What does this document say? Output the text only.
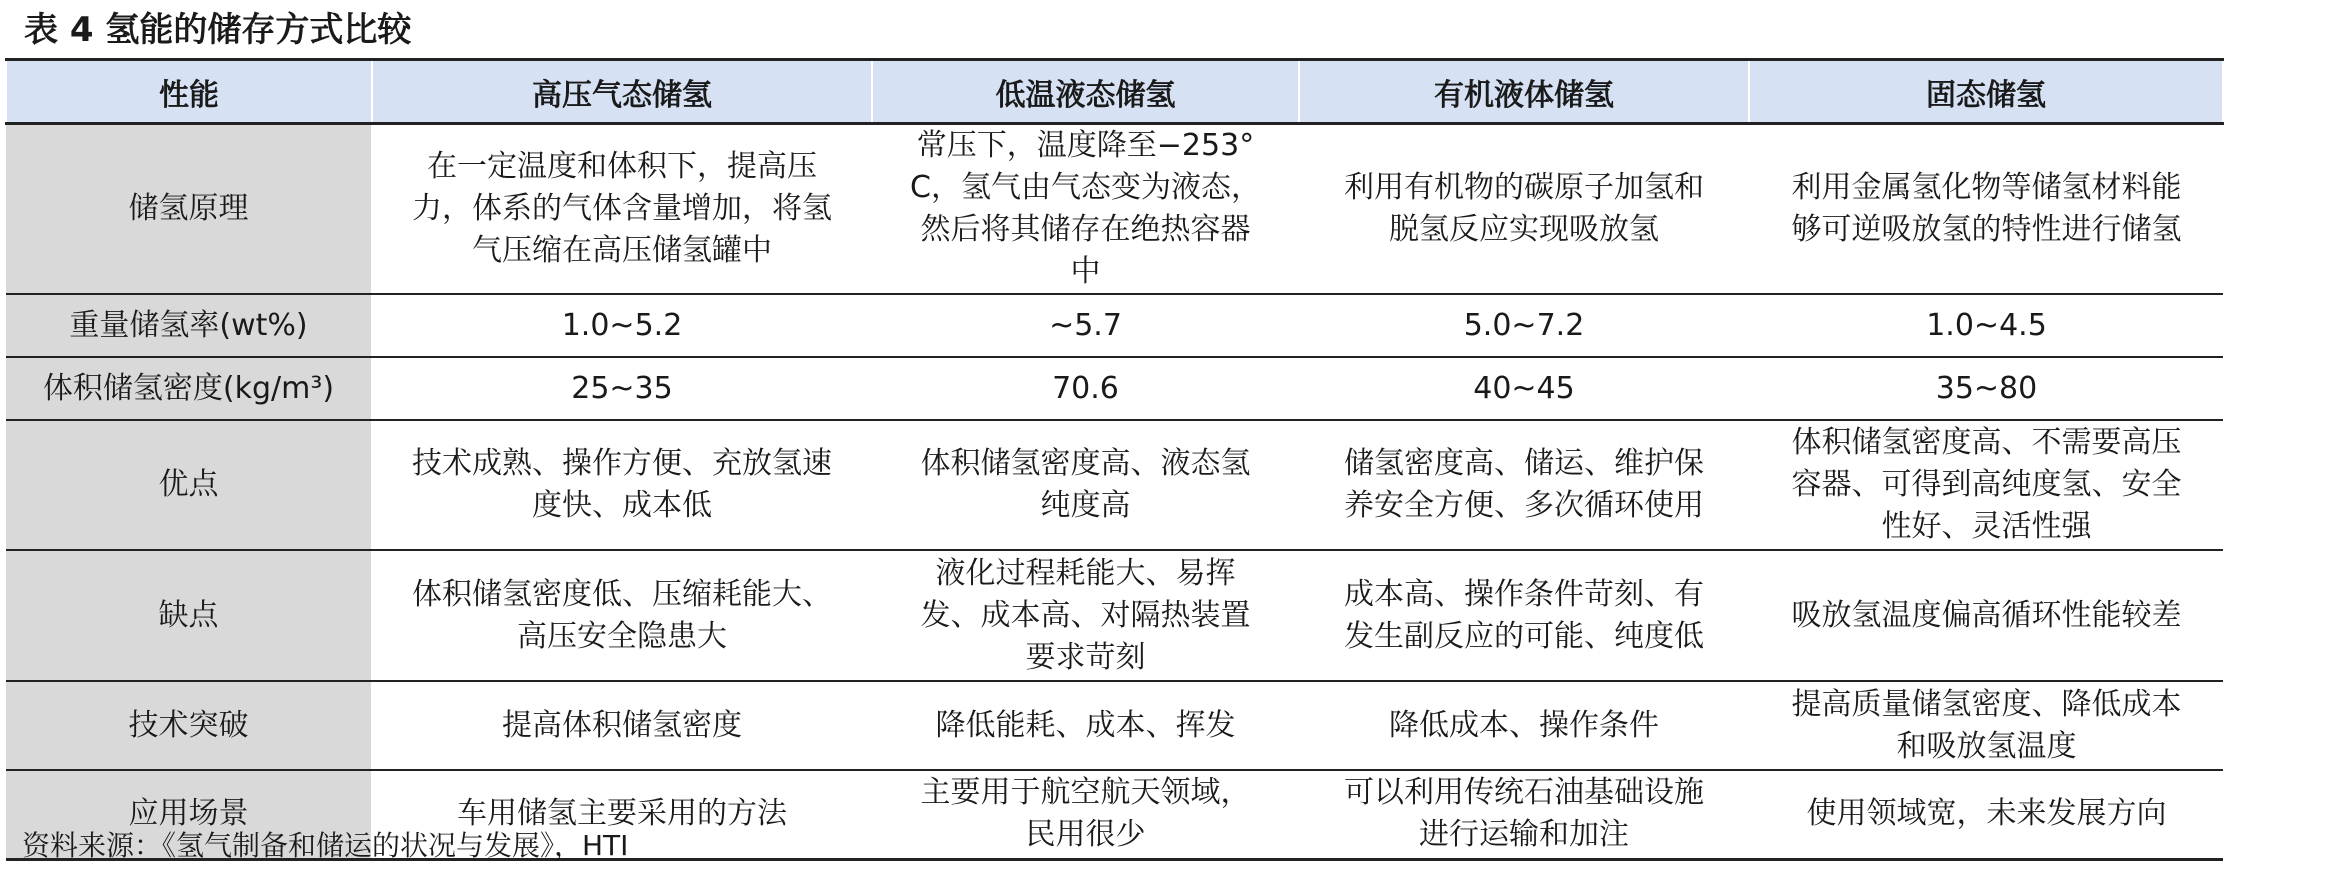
表 4 氢能的储存方式比较
性能	高压气态储氢	低温液态储氢	有机液体储氢	固态储氢
储氢原理	在一定温度和体积下，提高压力，体系的气体含量增加，将氢气压缩在高压储氢罐中	常压下，温度降至−253°C，氢气由气态变为液态，然后将其储存在绝热容器中	利用有机物的碳原子加氢和脱氢反应实现吸放氢	利用金属氢化物等储氢材料能够可逆吸放氢的特性进行储氢
重量储氢率(wt%)	1.0~5.2	~5.7	5.0~7.2	1.0~4.5
体积储氢密度(kg/m³)	25~35	70.6	40~45	35~80
优点	技术成熟、操作方便、充放氢速度快、成本低	体积储氢密度高、液态氢纯度高	储氢密度高、储运、维护保养安全方便、多次循环使用	体积储氢密度高、不需要高压容器、可得到高纯度氢、安全性好、灵活性强
缺点	体积储氢密度低、压缩耗能大、高压安全隐患大	液化过程耗能大、易挥发、成本高、对隔热装置要求苛刻	成本高、操作条件苛刻、有发生副反应的可能、纯度低	吸放氢温度偏高循环性能较差
技术突破	提高体积储氢密度	降低能耗、成本、挥发	降低成本、操作条件	提高质量储氢密度、降低成本和吸放氢温度
应用场景	车用储氢主要采用的方法	主要用于航空航天领域，民用很少	可以利用传统石油基础设施进行运输和加注	使用领域宽，未来发展方向
资料来源：《氢气制备和储运的状况与发展》，HTI
